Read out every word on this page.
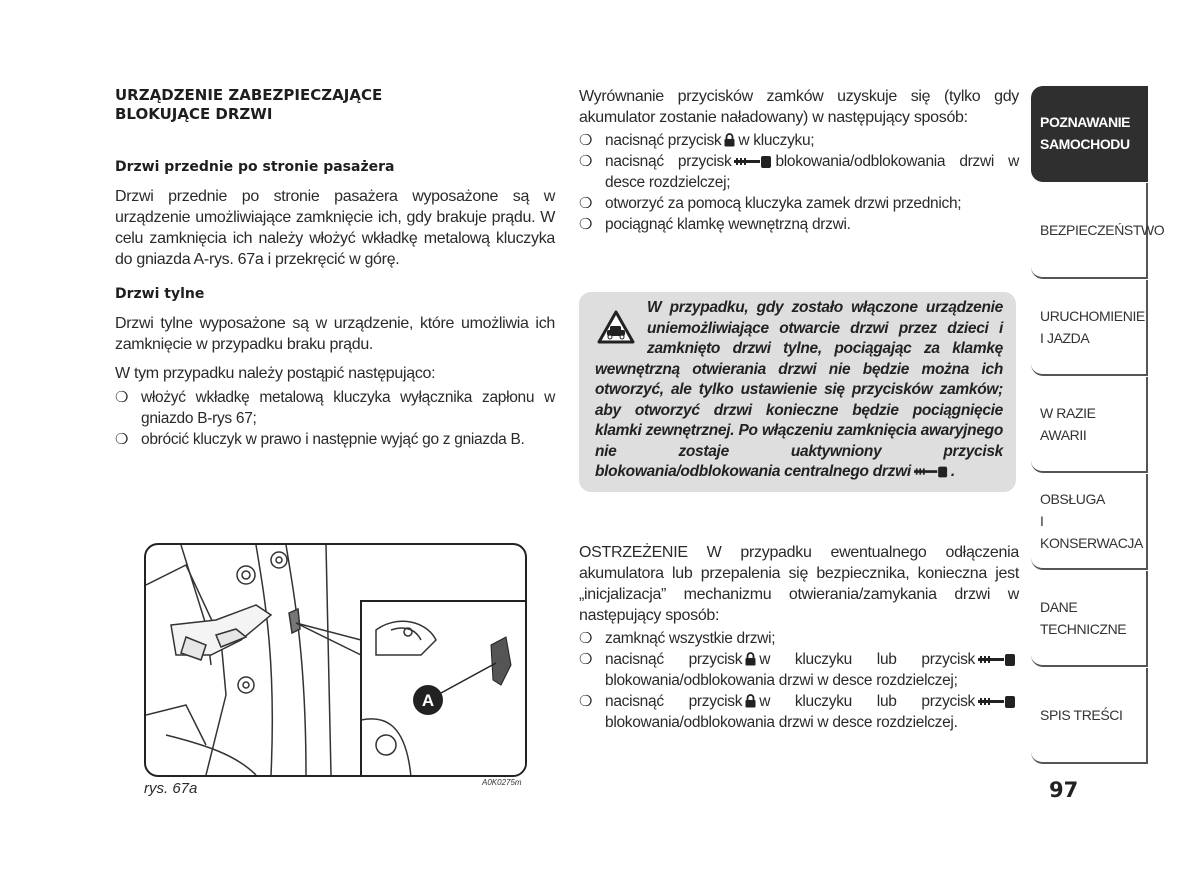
URZĄDZENIE ZABEZPIECZAJĄCE
BLOKUJĄCE DRZWI
Drzwi przednie po stronie pasażera

Drzwi przednie po stronie pasażera wyposażone są w urządzenie umożliwiające zamknięcie ich, gdy brakuje prądu. W celu zamknięcia ich należy włożyć wkładkę metalową kluczyka do gniazda A-rys. 67a i przekręcić w górę.

Drzwi tylne

Drzwi tylne wyposażone są w urządzenie, które umożliwia ich zamknięcie w przypadku braku prądu.

W tym przypadku należy postąpić następująco:

❍ włożyć wkładkę metalową kluczyka wyłącznika zapłonu w gniazdo B-rys 67;
❍ obrócić kluczyk w prawo i następnie wyjąć go z gniazda B.

Wyrównanie przycisków zamków uzyskuje się (tylko gdy akumulator zostanie naładowany) w następujący sposób:

❍ nacisnąć przycisk w kluczyku;
❍ nacisnąć przycisk	blokowania/odblokowania drzwi w desce rozdzielczej;
❍ otworzyć za pomocą kluczyka zamek drzwi przednich;
❍ pociągnąć klamkę wewnętrzną drzwi.
W przypadku, gdy zostało włączone urządzenie uniemożliwiające otwarcie drzwi przez dzieci i zamknięto drzwi tylne, pociągając za klamkę wewnętrzną otwierania drzwi nie będzie można ich otworzyć, ale tylko ustawienie się przycisków zamków; aby otworzyć drzwi konieczne będzie pociągnięcie klamki zewnętrznej. Po włączeniu zamknięcia awaryjnego nie zostaje uaktywniony przycisk blokowania/odblokowania centralnego drzwi	.

OSTRZEŻENIE W przypadku ewentualnego odłączenia akumulatora lub przepalenia się bezpiecznika, konieczna jest „inicjalizacja” mechanizmu otwierania/zamykania drzwi w następujący sposób:

❍ zamknąć wszystkie drzwi;
❍ nacisnąć przycisk w kluczyku lub przyciskblokowania/odblokowania drzwi w desce rozdzielczej;
❍ nacisnąć przycisk w kluczyku lub przyciskblokowania/odblokowania drzwi w desce rozdzielczej.
A
rys. 67a	A0K0275m
POZNAWANIE
SAMOCHODU
BEZPIECZEŃSTWO
URUCHOMIENIE
I JAZDA
W RAZIE AWARII
OBSŁUGA
I KONSERWACJA
DANE
TECHNICZNE
SPIS TREŚCI
97
